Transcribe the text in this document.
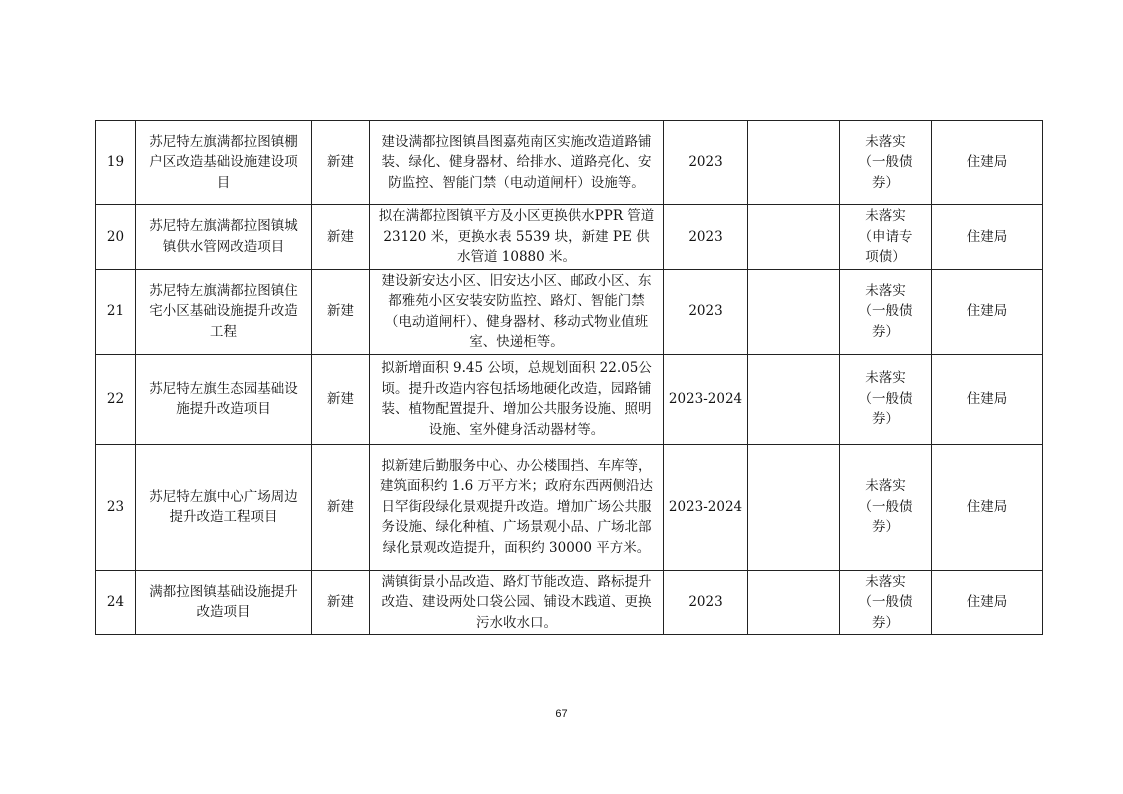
19	苏尼特左旗满都拉图镇棚户区改造基础设施建设项目	新建	建设满都拉图镇昌图嘉苑南区实施改造道路铺装、绿化、健身器材、给排水、道路亮化、安防监控、智能门禁（电动道闸杆）设施等。	2023		未落实（一般债券）	住建局
20	苏尼特左旗满都拉图镇城镇供水管网改造项目	新建	拟在满都拉图镇平方及小区更换供水PPR 管道 23120 米，更换水表 5539 块，新建 PE 供水管道 10880 米。	2023		未落实（申请专项债）	住建局
21	苏尼特左旗满都拉图镇住宅小区基础设施提升改造工程	新建	建设新安达小区、旧安达小区、邮政小区、东都雅苑小区安装安防监控、路灯、智能门禁（电动道闸杆）、健身器材、移动式物业值班室、快递柜等。	2023		未落实（一般债券）	住建局
22	苏尼特左旗生态园基础设施提升改造项目	新建	拟新增面积 9.45 公顷，总规划面积 22.05公顷。提升改造内容包括场地硬化改造，园路铺装、植物配置提升、增加公共服务设施、照明设施、室外健身活动器材等。	2023-2024		未落实（一般债券）	住建局
23	苏尼特左旗中心广场周边提升改造工程项目	新建	拟新建后勤服务中心、办公楼围挡、车库等，建筑面积约 1.6 万平方米；政府东西两侧沿达日罕街段绿化景观提升改造。增加广场公共服务设施、绿化种植、广场景观小品、广场北部绿化景观改造提升，面积约 30000 平方米。	2023-2024		未落实（一般债券）	住建局
24	满都拉图镇基础设施提升改造项目	新建	满镇街景小品改造、路灯节能改造、路标提升改造、建设两处口袋公园、铺设木践道、更换污水收水口。	2023		未落实（一般债券）	住建局
67
